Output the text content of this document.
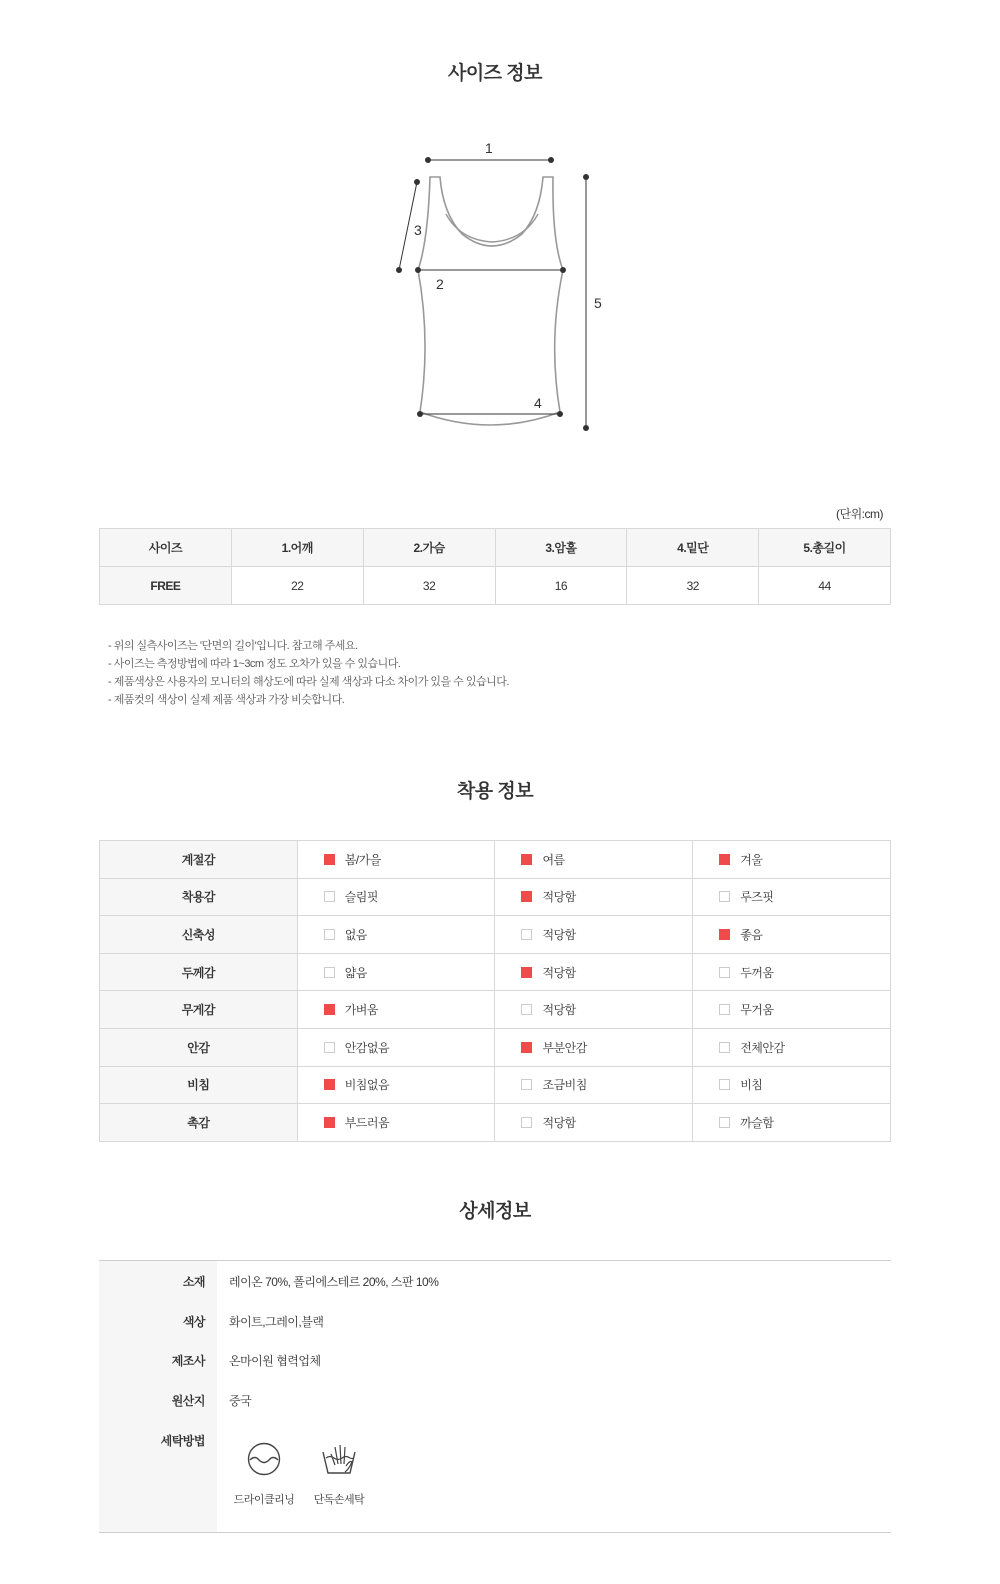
사이즈 정보
1
3
2
4
5
(단위:cm)
사이즈	1.어깨	2.가슴	3.암홀	4.밑단	5.총길이
FREE	22	32	16	32	44
- 위의 실측사이즈는 '단면의 길이'입니다. 참고해 주세요.
- 사이즈는 측정방법에 따라 1~3cm 정도 오차가 있을 수 있습니다.
- 제품색상은 사용자의 모니터의 해상도에 따라 실제 색상과 다소 차이가 있을 수 있습니다.
- 제품컷의 색상이 실제 제품 색상과 가장 비슷합니다.
착용 정보
계절감	봄/가을	여름	겨울
착용감	슬림핏	적당함	루즈핏
신축성	없음	적당함	좋음
두께감	얇음	적당함	두꺼움
무게감	가벼움	적당함	무거움
안감	안감없음	부분안감	전체안감
비침	비침없음	조금비침	비침
촉감	부드러움	적당함	까슬함
상세정보
소재 레이온 70%, 폴리에스테르 20%, 스판 10%
색상 화이트,그레이,블랙
제조사 온마이원 협력업체
원산지 중국
세탁방법
드라이클리닝	단독손세탁
